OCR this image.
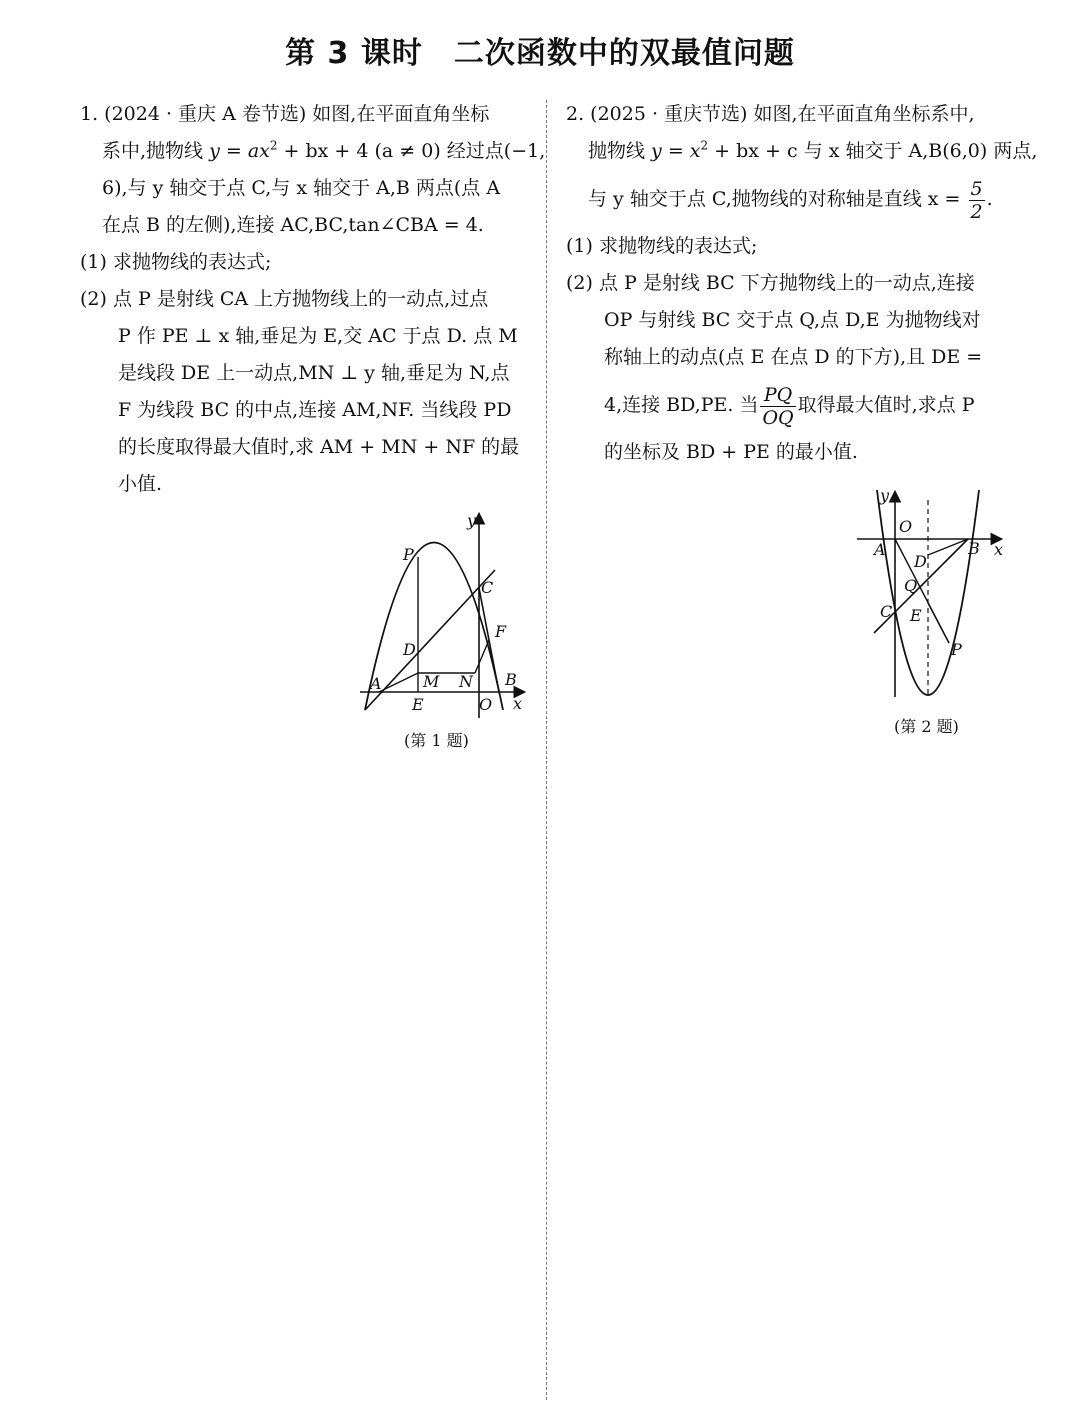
第 3 课时　二次函数中的双最值问题
1. (2024 · 重庆 A 卷节选) 如图,在平面直角坐标
系中,抛物线 $y = ax^2$ + bx + 4 (a ≠ 0) 经过点(−1,
6),与 y 轴交于点 C,与 x 轴交于 A,B 两点(点 A
在点 B 的左侧),连接 AC,BC,tan∠CBA = 4.
(1) 求抛物线的表达式;
(2) 点 P 是射线 CA 上方抛物线上的一动点,过点
P 作 PE ⊥ x 轴,垂足为 E,交 AC 于点 D. 点 M
是线段 DE 上一动点,MN ⊥ y 轴,垂足为 N,点
F 为线段 BC 的中点,连接 AM,NF. 当线段 PD
的长度取得最大值时,求 AM + MN + NF 的最
小值.
y
x
P
C
F
D
A	M N B
E	O
(第 1 题)
2. (2025 · 重庆节选) 如图,在平面直角坐标系中,
抛物线 $y = x^2$ + bx + c 与 x 轴交于 A,B(6,0) 两点,
与 y 轴交于点 C,抛物线的对称轴是直线 $x = \frac{5}{2}$ .
(1) 求抛物线的表达式;
(2) 点 P 是射线 BC 下方抛物线上的一动点,连接
OP 与射线 BC 交于点 Q,点 D,E 为抛物线对
称轴上的动点(点 E 在点 D 的下方),且 DE =
4,连接 BD,PE. 当 $\frac{PQ}{OQ}$ 取得最大值时,求点 P
的坐标及 BD + PE 的最小值.
y
x
O
A	B
D
Q
C E
P
(第 2 题)
